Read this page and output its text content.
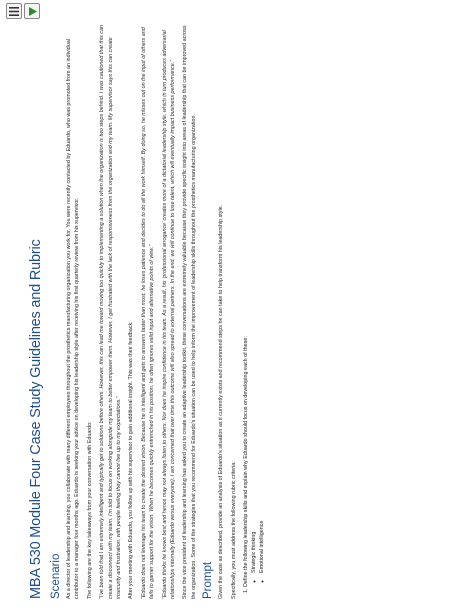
MBA 530 Module Four Case Study Guidelines and Rubric Scenario As a director of leadership and learning, you collaborate with many different employees throughout the prosthetics manufacturing organization you work for. You were recently contacted by Eduardo, who was promoted from an individual contributor to a manager four months ago. Eduardo is seeking your advice on developing his leadership style after receiving his first quarterly review from his supervisor. The following are the key takeaways from your conversation with Eduardo: “I've been told that I am extremely intelligent and typically get to solutions before others. However, this can lead me toward moving too quickly to implementing a solution when the organization is two steps behind. I was cautioned that this can create a disconnect with my team. I'm told to focus on working alongside my team to better empower them. However, I get frustrated with the lack of responsiveness from the organization and my team. My supervisor says this can create insecurity and frustration, with people feeling they cannot live up to my expectations.” After your meeting with Eduardo, you follow up with his supervisor to gain additional insight. This was their feedback: “Eduardo does not leverage his team to create the desired vision. Because he is intelligent and gets to answers faster than most, he loses patience and decides to do all the work himself. By doing so, he misses out on the input of others and fails to garner support for the vision. When he becomes quickly entrenched in his position, he often ignores valid input and alternative points of view.” “Eduardo thinks he knows best and hence may not always listen to others. Nor does he inspire confidence in his team. As a result, his ‘professional arrogance’ creates more of a dictatorial leadership style, which in turn produces adversarial relationships internally (Eduardo versus everyone). I am concerned that over time this outcome will also spread to external partners. In the end, we will continue to lose talent, which will eventually impact business performance.” Since the vice president of leadership and learning has asked you to create an adaptive leadership toolkit, these conversations are extremely valuable because they provide specific insight into areas of leadership that can be improved across the organization. Some of the strategies that you recommend for Eduardo's situation can be used to help inform the improvement of leadership skills throughout the prosthetics manufacturing organization. Prompt Given the case as described, provide an analysis of Eduardo's situation as it currently exists and recommend steps he can take to help transform his leadership style. Specifically, you must address the following rubric criteria: 1. Define the following leadership skills and explain why Eduardo should focus on developing each of these: ◦ Strategic thinking ◦ Emotional intelligence
